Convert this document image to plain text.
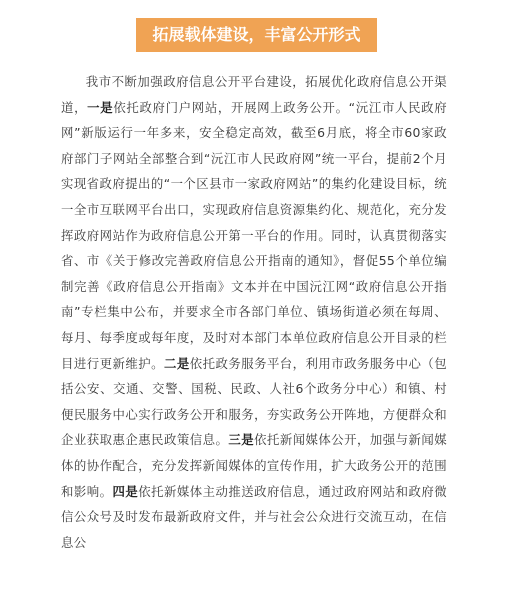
拓展载体建设，丰富公开形式

我市不断加强政府信息公开平台建设，拓展优化政府信息公开渠道，一是依托政府门户网站，开展网上政务公开。“沅江市人民政府网”新版运行一年多来，安全稳定高效，截至6月底，将全市60家政府部门子网站全部整合到“沅江市人民政府网”统一平台，提前2个月实现省政府提出的“一个区县市一家政府网站”的集约化建设目标，统一全市互联网平台出口，实现政府信息资源集约化、规范化，充分发挥政府网站作为政府信息公开第一平台的作用。同时，认真贯彻落实省、市《关于修改完善政府信息公开指南的通知》，督促55个单位编制完善《政府信息公开指南》文本并在中国沅江网“政府信息公开指南”专栏集中公布，并要求全市各部门单位、镇场街道必须在每周、每月、每季度或每年度，及时对本部门本单位政府信息公开目录的栏目进行更新维护。二是依托政务服务平台，利用市政务服务中心（包括公安、交通、交警、国税、民政、人社6个政务分中心）和镇、村便民服务中心实行政务公开和服务，夯实政务公开阵地，方便群众和企业获取惠企惠民政策信息。三是依托新闻媒体公开，加强与新闻媒体的协作配合，充分发挥新闻媒体的宣传作用，扩大政务公开的范围和影响。四是依托新媒体主动推送政府信息，通过政府网站和政府微信公众号及时发布最新政府文件，并与社会公众进行交流互动，在信息公
